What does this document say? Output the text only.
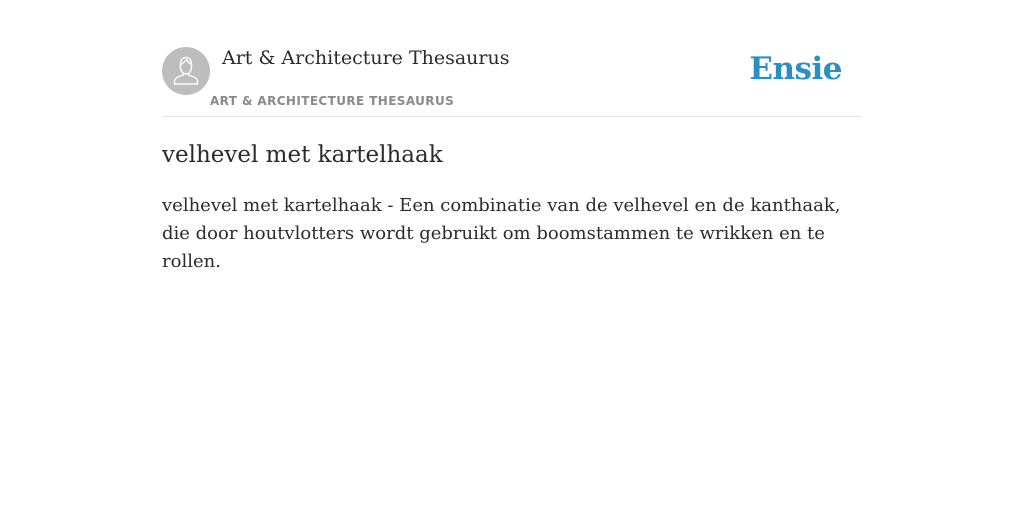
Art & Architecture Thesaurus
ART & ARCHITECTURE THESAURUS
Ensie
velhevel met kartelhaak

velhevel met kartelhaak - Een combinatie van de velhevel en de kanthaak, die door houtvlotters wordt gebruikt om boomstammen te wrikken en te rollen.
